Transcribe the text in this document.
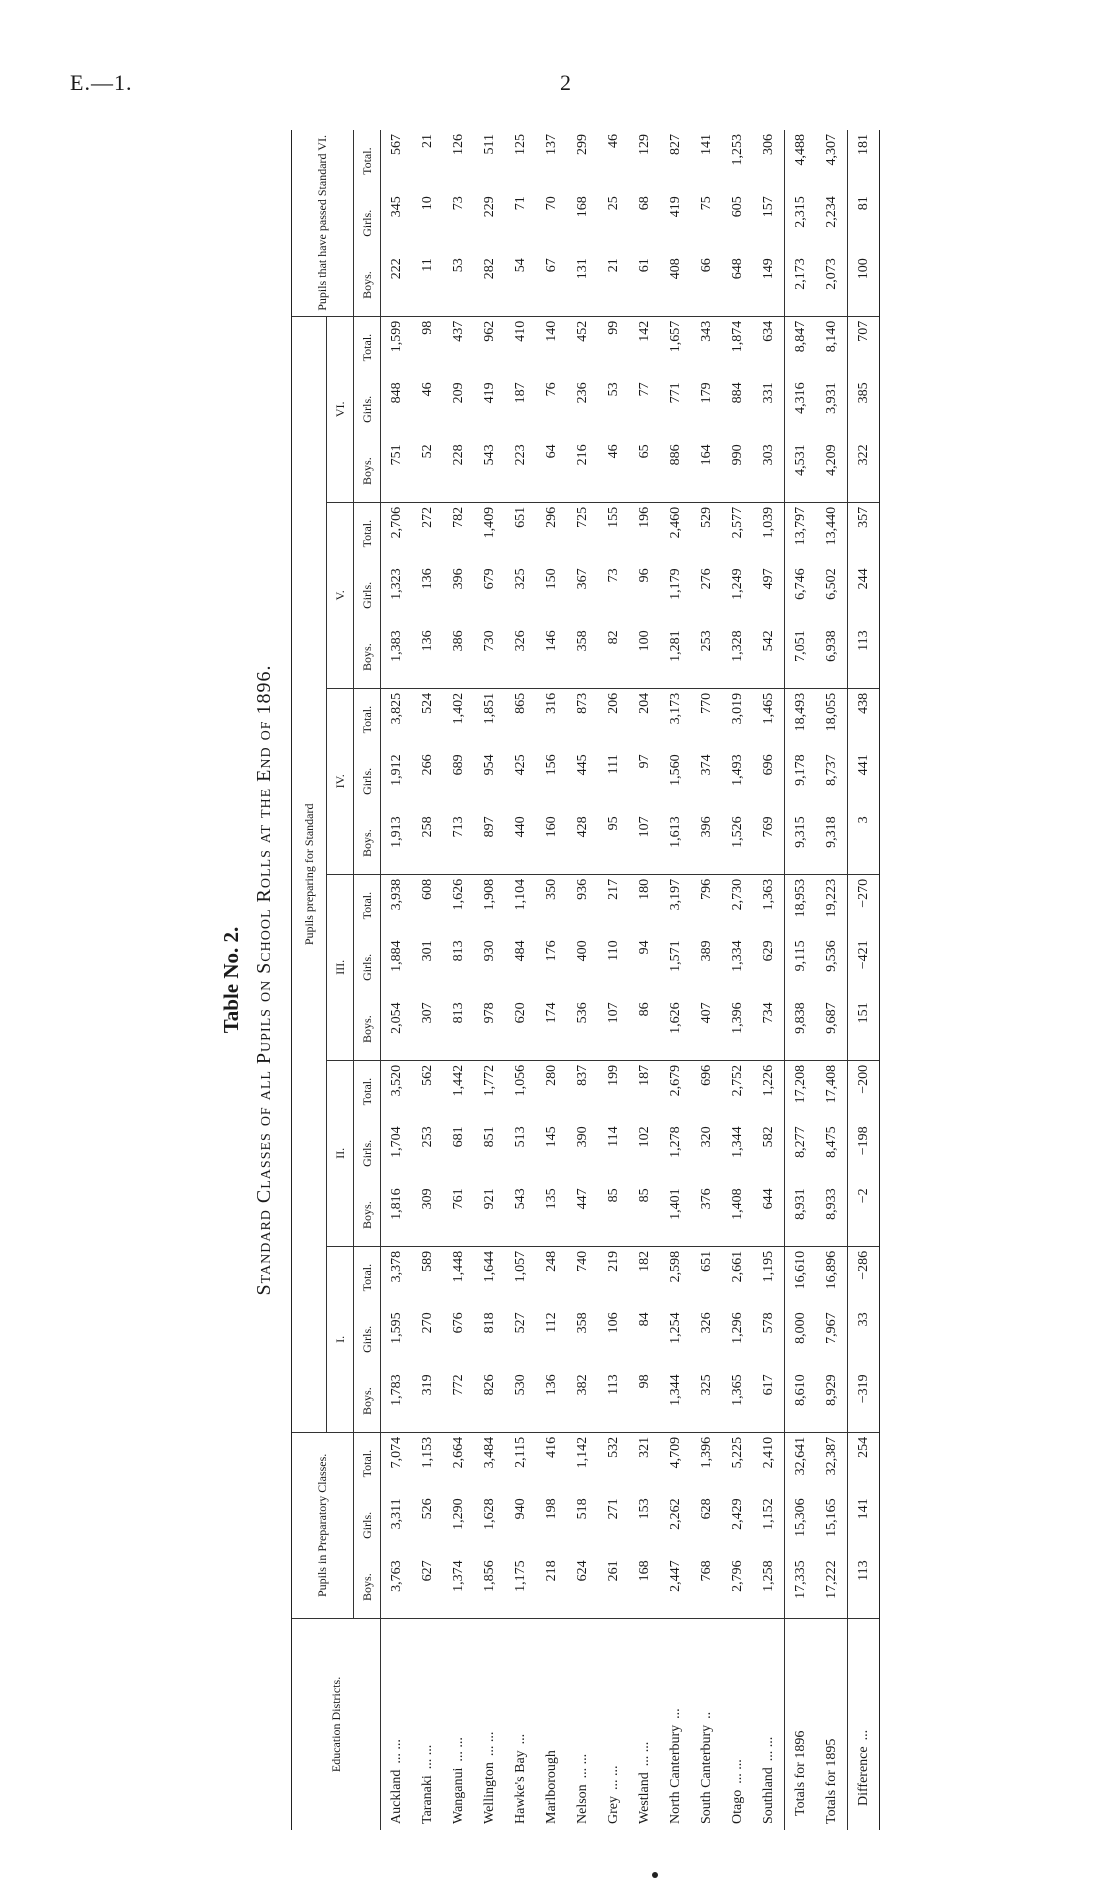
E.—1.	2
Table No. 2. Standard Classes of all Pupils on School Rolls at the End of 1896.
Education Districts.	Pupils in Preparatory Classes.			Pupils preparing for Standard																		Pupils that have passed Standard VI.		
				I.			II.			III.			IV.			V.			VI.					
	Boys.	Girls.	Total.	Boys.	Girls.	Total.	Boys.	Girls.	Total.	Boys.	Girls.	Total.	Boys.	Girls.	Total.	Boys.	Girls.	Total.	Boys.	Girls.	Total.	Boys.	Girls.	Total.
Auckland... ...	3,763	3,311	7,074	1,783	1,595	3,378	1,816	1,704	3,520	2,054	1,884	3,938	1,913	1,912	3,825	1,383	1,323	2,706	751	848	1,599	222	345	567
Taranaki... ...	627	526	1,153	319	270	589	309	253	562	307	301	608	258	266	524	136	136	272	52	46	98	11	10	21
Wanganui... ...	1,374	1,290	2,664	772	676	1,448	761	681	1,442	813	813	1,626	713	689	1,402	386	396	782	228	209	437	53	73	126
Wellington... ...	1,856	1,628	3,484	826	818	1,644	921	851	1,772	978	930	1,908	897	954	1,851	730	679	1,409	543	419	962	282	229	511
Hawke's Bay...	1,175	940	2,115	530	527	1,057	543	513	1,056	620	484	1,104	440	425	865	326	325	651	223	187	410	54	71	125
Marlborough	218	198	416	136	112	248	135	145	280	174	176	350	160	156	316	146	150	296	64	76	140	67	70	137
Nelson... ...	624	518	1,142	382	358	740	447	390	837	536	400	936	428	445	873	358	367	725	216	236	452	131	168	299
Grey... ...	261	271	532	113	106	219	85	114	199	107	110	217	95	111	206	82	73	155	46	53	99	21	25	46
Westland... ...	168	153	321	98	84	182	85	102	187	86	94	180	107	97	204	100	96	196	65	77	142	61	68	129
North Canterbury...	2,447	2,262	4,709	1,344	1,254	2,598	1,401	1,278	2,679	1,626	1,571	3,197	1,613	1,560	3,173	1,281	1,179	2,460	886	771	1,657	408	419	827
South Canterbury..	768	628	1,396	325	326	651	376	320	696	407	389	796	396	374	770	253	276	529	164	179	343	66	75	141
Otago... ...	2,796	2,429	5,225	1,365	1,296	2,661	1,408	1,344	2,752	1,396	1,334	2,730	1,526	1,493	3,019	1,328	1,249	2,577	990	884	1,874	648	605	1,253
Southland... ...	1,258	1,152	2,410	617	578	1,195	644	582	1,226	734	629	1,363	769	696	1,465	542	497	1,039	303	331	634	149	157	306
Totals for 1896	17,335	15,306	32,641	8,610	8,000	16,610	8,931	8,277	17,208	9,838	9,115	18,953	9,315	9,178	18,493	7,051	6,746	13,797	4,531	4,316	8,847	2,173	2,315	4,488
Totals for 1895	17,222	15,165	32,387	8,929	7,967	16,896	8,933	8,475	17,408	9,687	9,536	19,223	9,318	8,737	18,055	6,938	6,502	13,440	4,209	3,931	8,140	2,073	2,234	4,307
Difference...	113	141	254	−319	33	−286	−2	−198	−200	151	−421	−270	3	441	438	113	244	357	322	385	707	100	81	181
